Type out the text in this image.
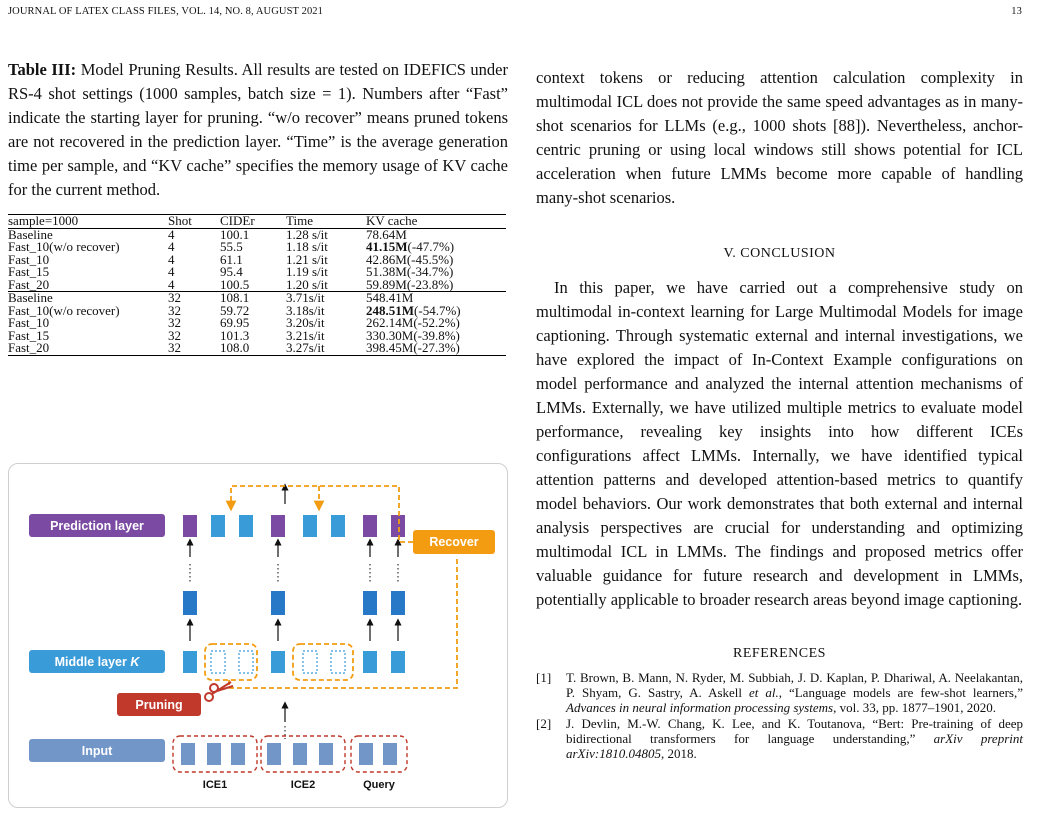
JOURNAL OF LATEX CLASS FILES, VOL. 14, NO. 8, AUGUST 2021	13

Table III: Model Pruning Results. All results are tested on IDEFICS under RS-4 shot settings (1000 samples, batch size = 1). Numbers after “Fast” indicate the starting layer for pruning. “w/o recover” means pruned tokens are not recovered in the prediction layer. “Time” is the average generation time per sample, and “KV cache” specifies the memory usage of KV cache for the current method.

sample=1000	Shot	CIDEr	Time	KV cache
Baseline	4	100.1	1.28 s/it	78.64M
Fast_10(w/o recover)	4	55.5	1.18 s/it	41.15M(-47.7%)
Fast_10	4	61.1	1.21 s/it	42.86M(-45.5%)
Fast_15	4	95.4	1.19 s/it	51.38M(-34.7%)
Fast_20	4	100.5	1.20 s/it	59.89M(-23.8%)
Baseline	32	108.1	3.71s/it	548.41M
Fast_10(w/o recover)	32	59.72	3.18s/it	248.51M(-54.7%)
Fast_10	32	69.95	3.20s/it	262.14M(-52.2%)
Fast_15	32	101.3	3.21s/it	330.30M(-39.8%)
Fast_20	32	108.0	3.27s/it	398.45M(-27.3%)
Prediction layer
Middle layer K
Input
Pruning
Recover
ICE1	ICE2	Query

context tokens or reducing attention calculation complexity in multimodal ICL does not provide the same speed advantages as in many-shot scenarios for LLMs (e.g., 1000 shots [88]). Nevertheless, anchor-centric pruning or using local windows still shows potential for ICL acceleration when future LMMs become more capable of handling many-shot scenarios.

V. CONCLUSION

In this paper, we have carried out a comprehensive study on multimodal in-context learning for Large Multimodal Models for image captioning. Through systematic external and internal investigations, we have explored the impact of In-Context Example configurations on model performance and analyzed the internal attention mechanisms of LMMs. Externally, we have utilized multiple metrics to evaluate model performance, revealing key insights into how different ICEs configurations affect LMMs. Internally, we have identified typical attention patterns and developed attention-based metrics to quantify model behaviors. Our work demonstrates that both external and internal analysis perspectives are crucial for understanding and optimizing multimodal ICL in LMMs. The findings and proposed metrics offer valuable guidance for future research and development in LMMs, potentially applicable to broader research areas beyond image captioning.

REFERENCES
[1] T. Brown, B. Mann, N. Ryder, M. Subbiah, J. D. Kaplan, P. Dhariwal, A. Neelakantan, P. Shyam, G. Sastry, A. Askell et al., “Language models are few-shot learners,” Advances in neural information processing systems, vol. 33, pp. 1877–1901, 2020.
[2] J. Devlin, M.-W. Chang, K. Lee, and K. Toutanova, “Bert: Pre-training of deep bidirectional transformers for language understanding,” arXiv preprint arXiv:1810.04805, 2018.
